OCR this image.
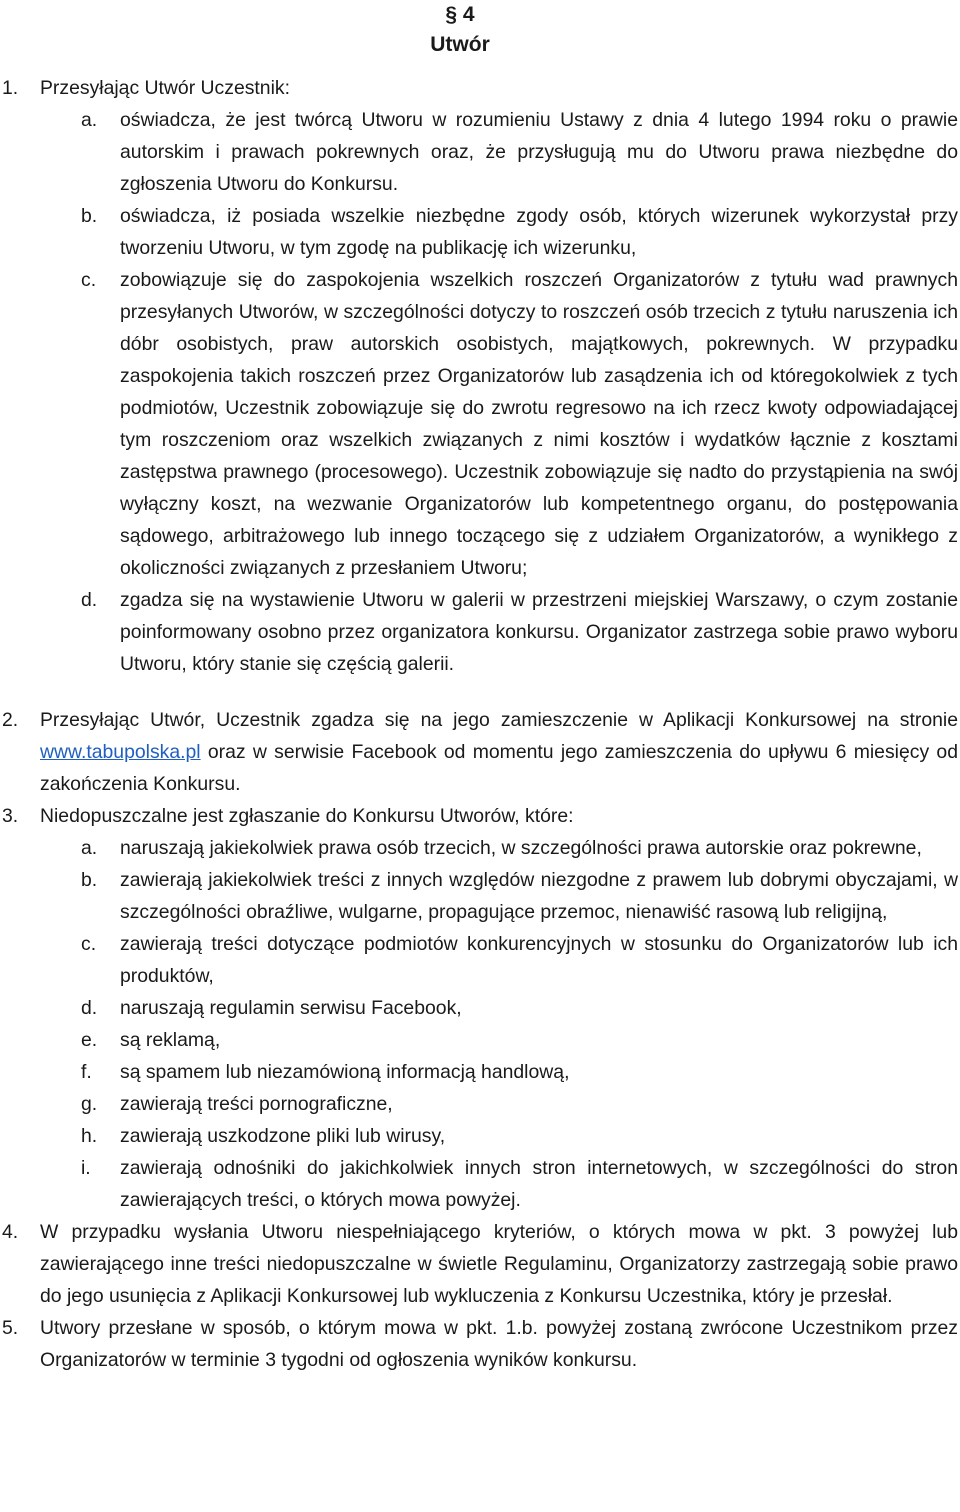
§ 4
Utwór
1. Przesyłając Utwór Uczestnik:
a. oświadcza, że jest twórcą Utworu w rozumieniu Ustawy z dnia 4 lutego 1994 roku o prawie autorskim i prawach pokrewnych oraz, że przysługują mu do Utworu prawa niezbędne do zgłoszenia Utworu do Konkursu.
b. oświadcza, iż posiada wszelkie niezbędne zgody osób, których wizerunek wykorzystał przy tworzeniu Utworu, w tym zgodę na publikację ich wizerunku,
c. zobowiązuje się do zaspokojenia wszelkich roszczeń Organizatorów z tytułu wad prawnych przesyłanych Utworów, w szczególności dotyczy to roszczeń osób trzecich z tytułu naruszenia ich dóbr osobistych, praw autorskich osobistych, majątkowych, pokrewnych. W przypadku zaspokojenia takich roszczeń przez Organizatorów lub zasądzenia ich od któregokolwiek z tych podmiotów, Uczestnik zobowiązuje się do zwrotu regresowo na ich rzecz kwoty odpowiadającej tym roszczeniom oraz wszelkich związanych z nimi kosztów i wydatków łącznie z kosztami zastępstwa prawnego (procesowego). Uczestnik zobowiązuje się nadto do przystąpienia na swój wyłączny koszt, na wezwanie Organizatorów lub kompetentnego organu, do postępowania sądowego, arbitrażowego lub innego toczącego się z udziałem Organizatorów, a wynikłego z okoliczności związanych z przesłaniem Utworu;
d. zgadza się na wystawienie Utworu w galerii w przestrzeni miejskiej Warszawy, o czym zostanie poinformowany osobno przez organizatora konkursu. Organizator zastrzega sobie prawo wyboru Utworu, który stanie się częścią galerii.
2. Przesyłając Utwór, Uczestnik zgadza się na jego zamieszczenie w Aplikacji Konkursowej na stronie www.tabupolska.pl oraz w serwisie Facebook od momentu jego zamieszczenia do upływu 6 miesięcy od zakończenia Konkursu.
3. Niedopuszczalne jest zgłaszanie do Konkursu Utworów, które:
a. naruszają jakiekolwiek prawa osób trzecich, w szczególności prawa autorskie oraz pokrewne,
b. zawierają jakiekolwiek treści z innych względów niezgodne z prawem lub dobrymi obyczajami, w szczególności obraźliwe, wulgarne, propagujące przemoc, nienawiść rasową lub religijną,
c. zawierają treści dotyczące podmiotów konkurencyjnych w stosunku do Organizatorów lub ich produktów,
d. naruszają regulamin serwisu Facebook,
e. są reklamą,
f. są spamem lub niezamówioną informacją handlową,
g. zawierają treści pornograficzne,
h. zawierają uszkodzone pliki lub wirusy,
i. zawierają odnośniki do jakichkolwiek innych stron internetowych, w szczególności do stron zawierających treści, o których mowa powyżej.
4. W przypadku wysłania Utworu niespełniającego kryteriów, o których mowa w pkt. 3 powyżej lub zawierającego inne treści niedopuszczalne w świetle Regulaminu, Organizatorzy zastrzegają sobie prawo do jego usunięcia z Aplikacji Konkursowej lub wykluczenia z Konkursu Uczestnika, który je przesłał.
5. Utwory przesłane w sposób, o którym mowa w pkt. 1.b. powyżej zostaną zwrócone Uczestnikom przez Organizatorów w terminie 3 tygodni od ogłoszenia wyników konkursu.
